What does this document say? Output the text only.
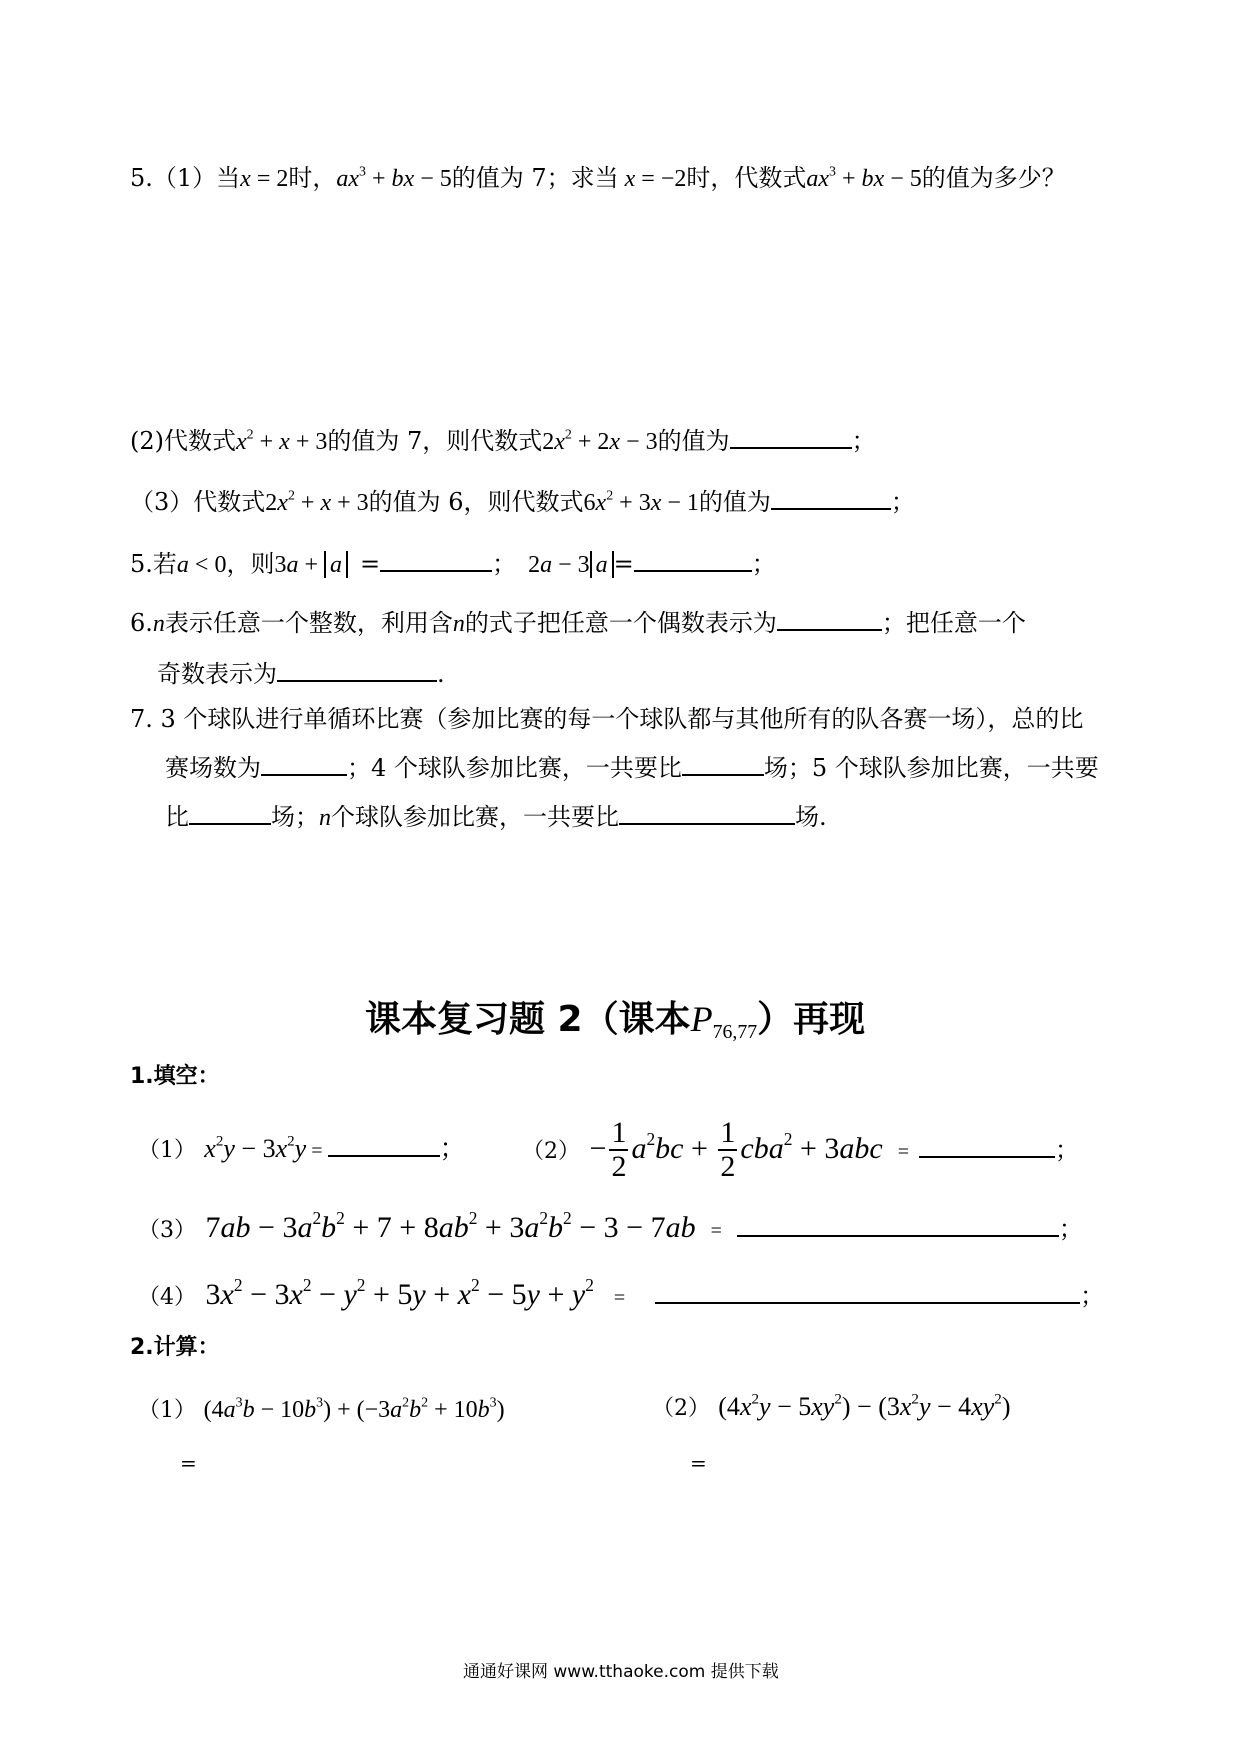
5.（1）当x = 2时，$ax^3$ + bx − 5的值为 7；求当 x = −2时，代数式$ax^3$ + bx − 5的值为多少？
(2)代数式$x^2 + x + 3$的值为 7，则代数式$2x^2 + 2x - 3$的值为	；
（3）代数式$2x^2 + x + 3$的值为 6，则代数式$6x^2 + 3x - 1$的值为	；
5.若a < 0，则3a + a =	；  2a − 3 a =	；
6.n表示任意一个整数，利用含n的式子把任意一个偶数表示为	；把任意一个
奇数表示为	.
7. 3 个球队进行单循环比赛（参加比赛的每一个球队都与其他所有的队各赛一场），总的比
赛场数为	；4 个球队参加比赛，一共要比	场；5 个球队参加比赛，一共要
比	场；n个球队参加比赛，一共要比	场.
课本复习题 2（课本$P_{76,77}$）再现
1.填空：
（1） $x^2y - 3x^2y$ =	；	$(2) - \frac{1}{2} a^2bc + \frac{1}{2} cba^2 + 3abc$   =	；
（3） $7ab - 3a^2b^2 + 7 + 8ab^2 + 3a^2b^2 - 3 - 7ab$   =	；
（4） $3x^2 - 3x^2 - y^2 + 5y + x^2 - 5y + y^2$    =	；
2.计算：
（1） $(4a^3b - 10b^3) + (-3a^2b^2 + 10b^3)$	（2） $(4x^2y - 5xy^2) - (3x^2y - 4xy^2)$
=	=
通通好课网 www.tthaoke.com 提供下载
